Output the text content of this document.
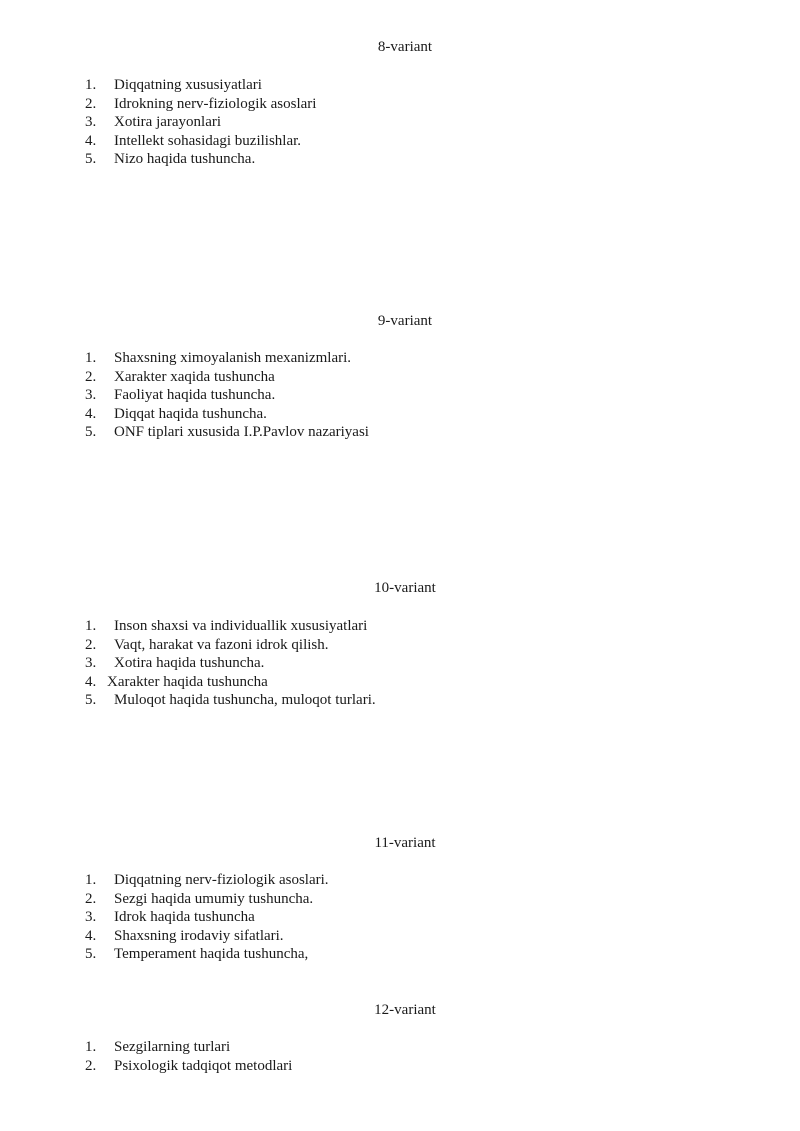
8-variant
1. Diqqatning xususiyatlari
2. Idrokning nerv-fiziologik asoslari
3. Xotira jarayonlari
4. Intellekt sohasidagi buzilishlar.
5. Nizo haqida tushuncha.
9-variant
1. Shaxsning ximoyalanish mexanizmlari.
2. Xarakter xaqida tushuncha
3. Faoliyat haqida tushuncha.
4. Diqqat haqida tushuncha.
5. ONF tiplari xususida I.P.Pavlov nazariyasi
10-variant
1. Inson shaxsi va individuallik xususiyatlari
2. Vaqt, harakat va fazoni idrok qilish.
3. Xotira haqida tushuncha.
4. Xarakter haqida tushuncha
5. Muloqot haqida tushuncha, muloqot turlari.
11-variant
1. Diqqatning nerv-fiziologik asoslari.
2. Sezgi haqida umumiy tushuncha.
3. Idrok haqida tushuncha
4. Shaxsning irodaviy sifatlari.
5. Temperament haqida tushuncha,
12-variant
1. Sezgilarning turlari
2. Psixologik tadqiqot metodlari
